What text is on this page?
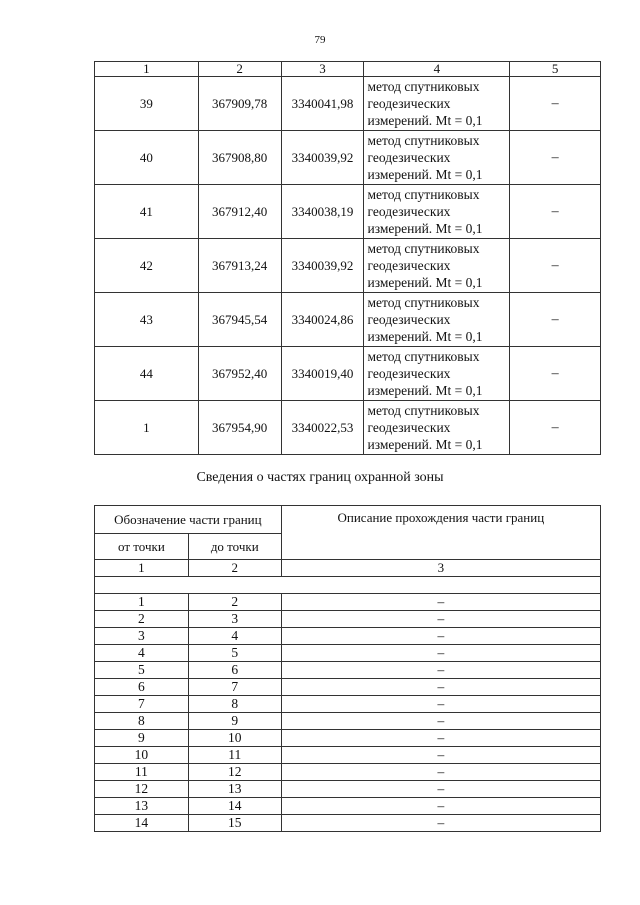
79
1	2	3	4	5
39	367909,78	3340041,98	метод спутниковых
геодезических
измерений. Mt = 0,1	–
40	367908,80	3340039,92	метод спутниковых
геодезических
измерений. Mt = 0,1	–
41	367912,40	3340038,19	метод спутниковых
геодезических
измерений. Mt = 0,1	–
42	367913,24	3340039,92	метод спутниковых
геодезических
измерений. Mt = 0,1	–
43	367945,54	3340024,86	метод спутниковых
геодезических
измерений. Mt = 0,1	–
44	367952,40	3340019,40	метод спутниковых
геодезических
измерений. Mt = 0,1	–
1	367954,90	3340022,53	метод спутниковых
геодезических
измерений. Mt = 0,1	–
Сведения о частях границ охранной зоны
Обозначение части границ		Описание прохождения части границ
от точки	до точки	
1	2	3

1	2	–
2	3	–
3	4	–
4	5	–
5	6	–
6	7	–
7	8	–
8	9	–
9	10	–
10	11	–
11	12	–
12	13	–
13	14	–
14	15	–
